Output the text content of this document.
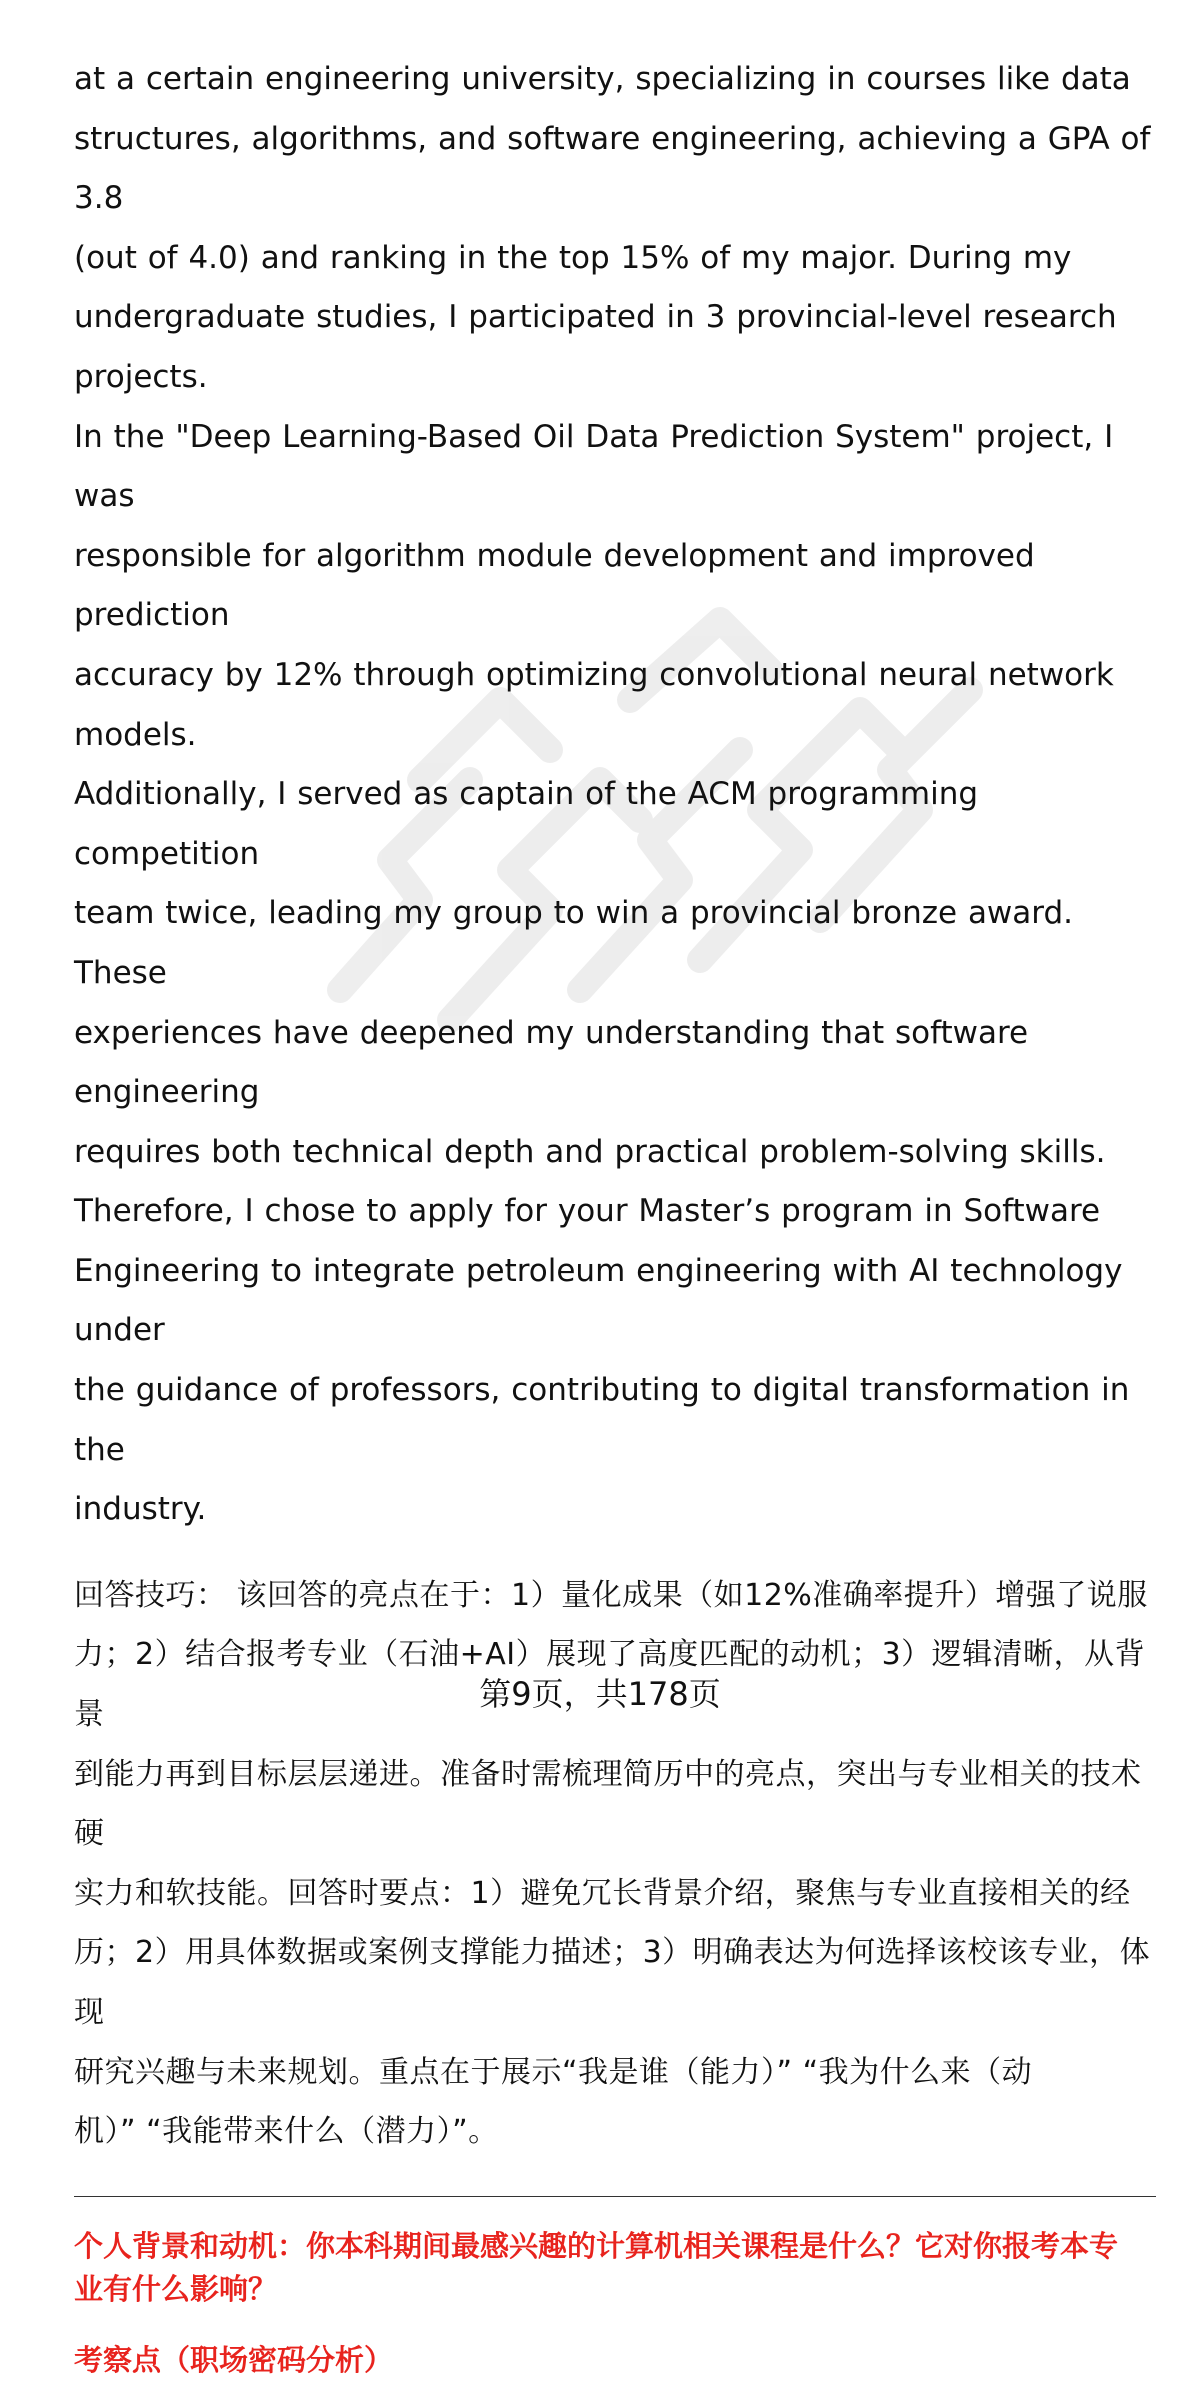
at a certain engineering university, specializing in courses like data
structures, algorithms, and software engineering, achieving a GPA of 3.8
(out of 4.0) and ranking in the top 15% of my major. During my
undergraduate studies, I participated in 3 provincial-level research projects.
In the "Deep Learning-Based Oil Data Prediction System" project, I was
responsible for algorithm module development and improved prediction
accuracy by 12% through optimizing convolutional neural network models.
Additionally, I served as captain of the ACM programming competition
team twice, leading my group to win a provincial bronze award. These
experiences have deepened my understanding that software engineering
requires both technical depth and practical problem-solving skills.
Therefore, I chose to apply for your Master’s program in Software
Engineering to integrate petroleum engineering with AI technology under
the guidance of professors, contributing to digital transformation in the
industry.

回答技巧： 该回答的亮点在于：1）量化成果（如12%准确率提升）增强了说服
力；2）结合报考专业（石油+AI）展现了高度匹配的动机；3）逻辑清晰，从背景
到能力再到目标层层递进。准备时需梳理简历中的亮点，突出与专业相关的技术硬
实力和软技能。回答时要点：1）避免冗长背景介绍，聚焦与专业直接相关的经
历；2）用具体数据或案例支撑能力描述；3）明确表达为何选择该校该专业，体现
研究兴趣与未来规划。重点在于展示“我是谁（能力）” “我为什么来（动
机）” “我能带来什么（潜力）”。

个人背景和动机：你本科期间最感兴趣的计算机相关课程是什么？它对你报考本专
业有什么影响？

考察点（职场密码分析）

第9页，共178页
